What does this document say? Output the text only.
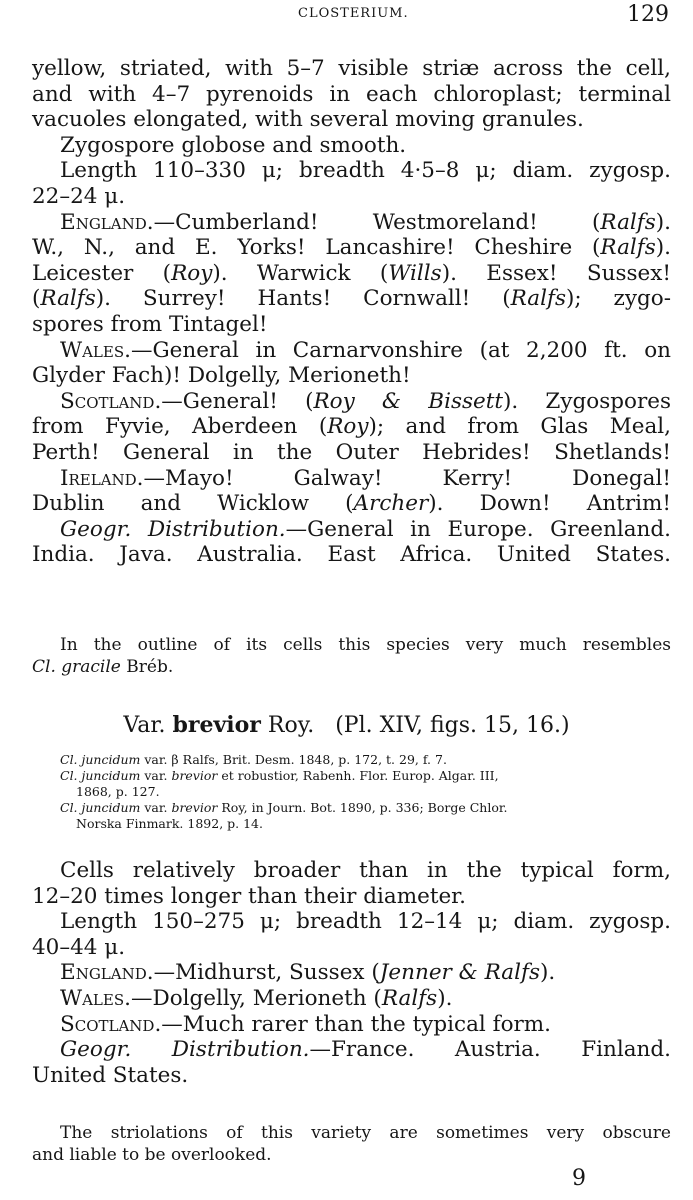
CLOSTERIUM.	129
yellow, striated, with 5–7 visible striæ across the cell,
and with 4–7 pyrenoids in each chloroplast; terminal
vacuoles elongated, with several moving granules.
Zygospore globose and smooth.
Length 110–330 μ; breadth 4·5–8 μ; diam. zygosp.
22–24 μ.
England.—Cumberland! Westmoreland! (Ralfs).
W., N., and E. Yorks! Lancashire! Cheshire (Ralfs).
Leicester (Roy). Warwick (Wills). Essex! Sussex!
(Ralfs). Surrey! Hants! Cornwall! (Ralfs); zygo-
spores from Tintagel!
Wales.—General in Carnarvonshire (at 2,200 ft. on
Glyder Fach)! Dolgelly, Merioneth!
Scotland.—General! (Roy & Bissett). Zygospores
from Fyvie, Aberdeen (Roy); and from Glas Meal,
Perth! General in the Outer Hebrides! Shetlands!
Ireland.—Mayo! Galway! Kerry! Donegal!
Dublin and Wicklow (Archer). Down! Antrim!
Geogr. Distribution.—General in Europe. Greenland.
India. Java. Australia. East Africa. United States.
In the outline of its cells this species very much resembles
Cl. gracile Bréb.
Var. brevior Roy. (Pl. XIV, figs. 15, 16.)
Cl. juncidum var. β Ralfs, Brit. Desm. 1848, p. 172, t. 29, f. 7.
Cl. juncidum var. brevior et robustior, Rabenh. Flor. Europ. Algar. III,
1868, p. 127.
Cl. juncidum var. brevior Roy, in Journ. Bot. 1890, p. 336; Borge Chlor.
Norska Finmark. 1892, p. 14.
Cells relatively broader than in the typical form,
12–20 times longer than their diameter.
Length 150–275 μ; breadth 12–14 μ; diam. zygosp.
40–44 μ.
England.—Midhurst, Sussex (Jenner & Ralfs).
Wales.—Dolgelly, Merioneth (Ralfs).
Scotland.—Much rarer than the typical form.
Geogr. Distribution.—France. Austria. Finland.
United States.
The striolations of this variety are sometimes very obscure
and liable to be overlooked.
9
